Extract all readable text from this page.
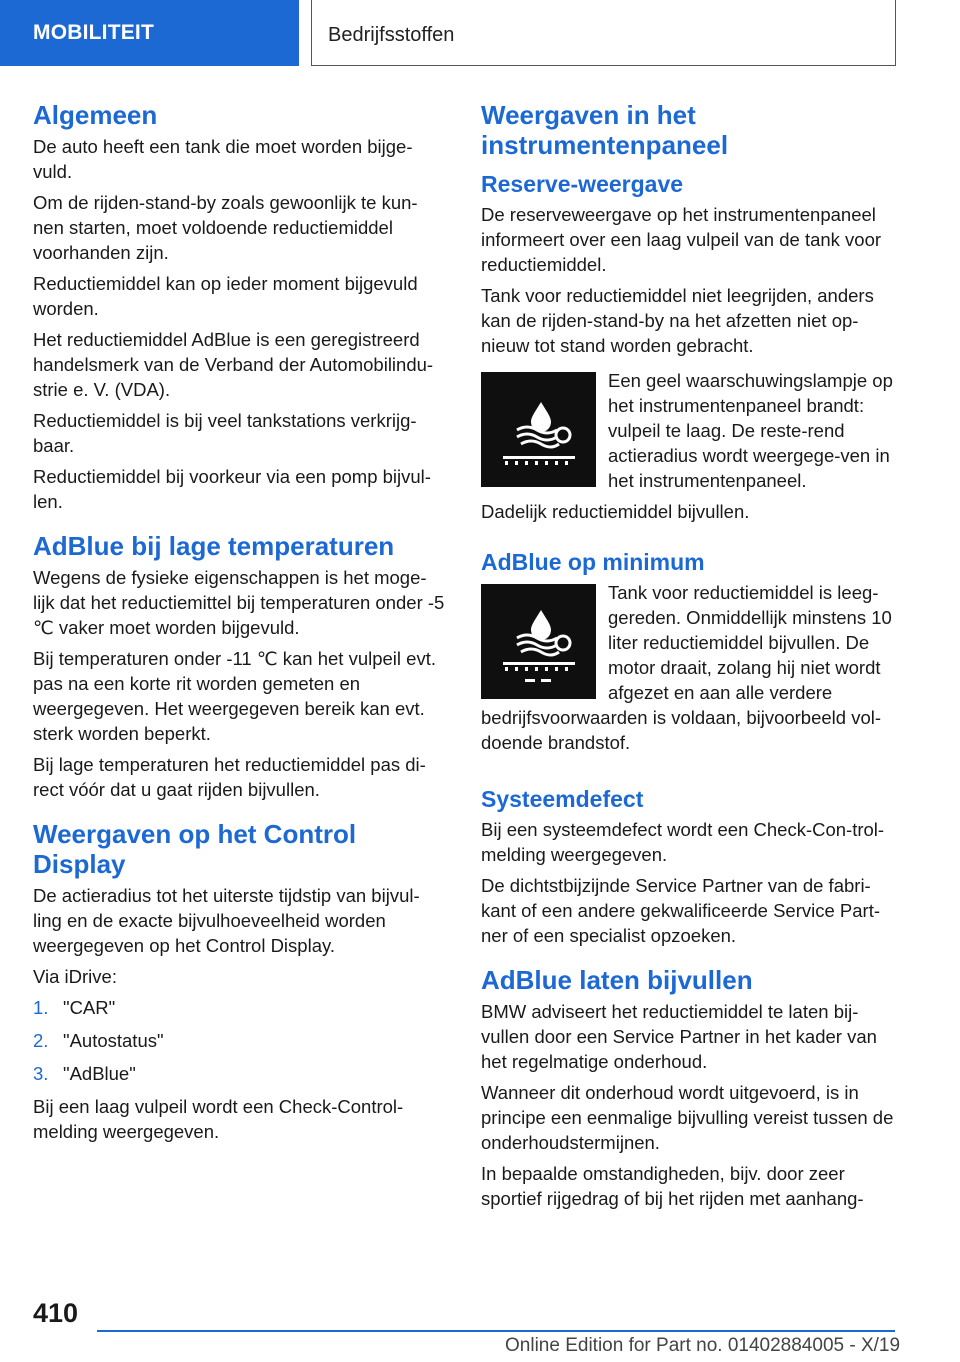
MOBILITEIT	Bedrijfsstoffen
Algemeen

De auto heeft een tank die moet worden bijge-vuld.

Om de rijden-stand-by zoals gewoonlijk te kun-nen starten, moet voldoende reductiemiddel voorhanden zijn.

Reductiemiddel kan op ieder moment bijgevuld worden.

Het reductiemiddel AdBlue is een geregistreerd handelsmerk van de Verband der Automobilindu-strie e. V. (VDA).

Reductiemiddel is bij veel tankstations verkrijg-baar.

Reductiemiddel bij voorkeur via een pomp bijvul-len.

AdBlue bij lage temperaturen

Wegens de fysieke eigenschappen is het moge-lijk dat het reductiemittel bij temperaturen onder -5 ℃ vaker moet worden bijgevuld.

Bij temperaturen onder -11 ℃ kan het vulpeil evt. pas na een korte rit worden gemeten en weergegeven. Het weergegeven bereik kan evt. sterk worden beperkt.

Bij lage temperaturen het reductiemiddel pas di-rect vóór dat u gaat rijden bijvullen.

Weergaven op het Control Display

De actieradius tot het uiterste tijdstip van bijvul-ling en de exacte bijvulhoeveelheid worden weergegeven op het Control Display.

Via iDrive:

1. "CAR"
2. "Autostatus"
3. "AdBlue"

Bij een laag vulpeil wordt een Check-Control-melding weergegeven.

Weergaven in het instrumentenpaneel
Reserve-weergave

De reserveweergave op het instrumentenpaneel informeert over een laag vulpeil van de tank voor reductiemiddel.

Tank voor reductiemiddel niet leegrijden, anders kan de rijden-stand-by na het afzetten niet op-nieuw tot stand worden gebracht.

Een geel waarschuwingslampje op het instrumentenpaneel brandt: vulpeil te laag. De reste-rend actieradius wordt weergege-ven in het instrumentenpaneel.

Dadelijk reductiemiddel bijvullen.

AdBlue op minimum

Tank voor reductiemiddel is leeg-gereden. Onmiddellijk minstens 10 liter reductiemiddel bijvullen. De motor draait, zolang hij niet wordt afgezet en aan alle verdere bedrijfsvoorwaarden is voldaan, bijvoorbeeld vol-doende brandstof.

Systeemdefect

Bij een systeemdefect wordt een Check-Con-trol-melding weergegeven.

De dichtstbijzijnde Service Partner van de fabri-kant of een andere gekwalificeerde Service Part-ner of een specialist opzoeken.

AdBlue laten bijvullen

BMW adviseert het reductiemiddel te laten bij-vullen door een Service Partner in het kader van het regelmatige onderhoud.

Wanneer dit onderhoud wordt uitgevoerd, is in principe een eenmalige bijvulling vereist tussen de onderhoudstermijnen.

In bepaalde omstandigheden, bijv. door zeer sportief rijgedrag of bij het rijden met aanhang-

410
Online Edition for Part no. 01402884005 - X/19
